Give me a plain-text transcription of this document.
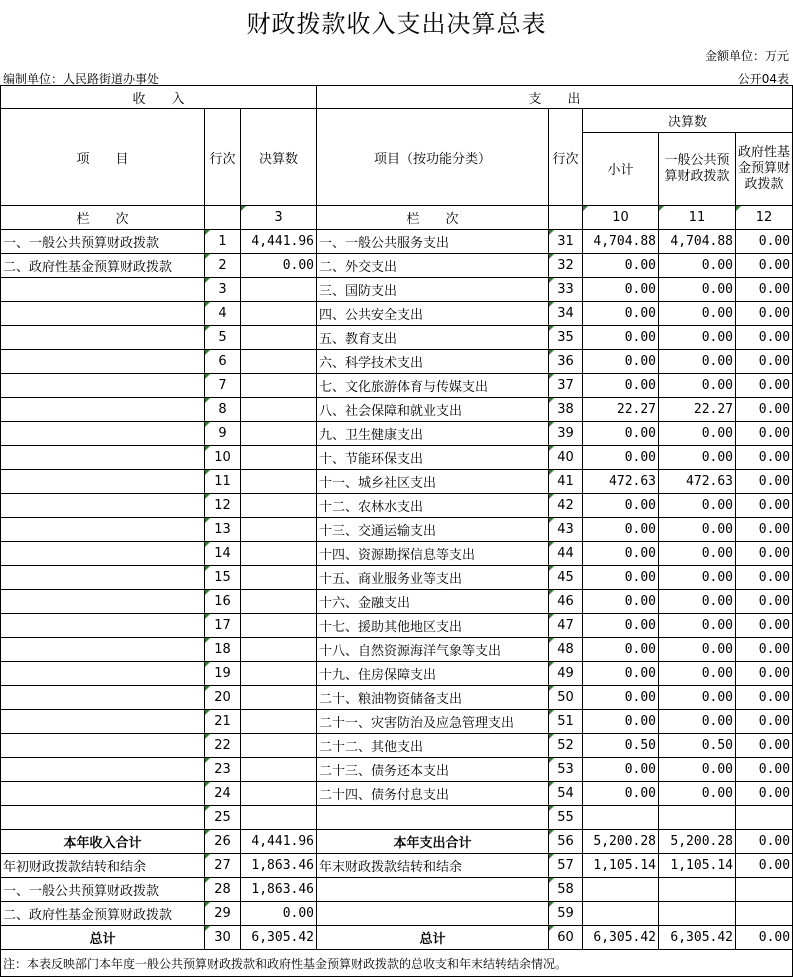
财政拨款收入支出决算总表
金额单位：万元
编制单位：人民路街道办事处	公开04表
收　　入			支　　出				
项　　目	行次	决算数	项目（按功能分类）	行次	决算数		
					小计	一般公共预算财政拨款	政府性基金预算财政拨款
栏　　次		3	栏　　次		10	11	12
一、一般公共预算财政拨款	1	4,441.96	一、一般公共服务支出	31	4,704.88	4,704.88	0.00
二、政府性基金预算财政拨款	2	0.00	二、外交支出	32	0.00	0.00	0.00
	3		三、国防支出	33	0.00	0.00	0.00
	4		四、公共安全支出	34	0.00	0.00	0.00
	5		五、教育支出	35	0.00	0.00	0.00
	6		六、科学技术支出	36	0.00	0.00	0.00
	7		七、文化旅游体育与传媒支出	37	0.00	0.00	0.00
	8		八、社会保障和就业支出	38	22.27	22.27	0.00
	9		九、卫生健康支出	39	0.00	0.00	0.00
	10		十、节能环保支出	40	0.00	0.00	0.00
	11		十一、城乡社区支出	41	472.63	472.63	0.00
	12		十二、农林水支出	42	0.00	0.00	0.00
	13		十三、交通运输支出	43	0.00	0.00	0.00
	14		十四、资源勘探信息等支出	44	0.00	0.00	0.00
	15		十五、商业服务业等支出	45	0.00	0.00	0.00
	16		十六、金融支出	46	0.00	0.00	0.00
	17		十七、援助其他地区支出	47	0.00	0.00	0.00
	18		十八、自然资源海洋气象等支出	48	0.00	0.00	0.00
	19		十九、住房保障支出	49	0.00	0.00	0.00
	20		二十、粮油物资储备支出	50	0.00	0.00	0.00
	21		二十一、灾害防治及应急管理支出	51	0.00	0.00	0.00
	22		二十二、其他支出	52	0.50	0.50	0.00
	23		二十三、债务还本支出	53	0.00	0.00	0.00
	24		二十四、债务付息支出	54	0.00	0.00	0.00
	25			55			
本年收入合计	26	4,441.96	本年支出合计	56	5,200.28	5,200.28	0.00
年初财政拨款结转和结余	27	1,863.46	年末财政拨款结转和结余	57	1,105.14	1,105.14	0.00
一、一般公共预算财政拨款	28	1,863.46		58			
二、政府性基金预算财政拨款	29	0.00		59			
总计	30	6,305.42	总计	60	6,305.42	6,305.42	0.00
注：本表反映部门本年度一般公共预算财政拨款和政府性基金预算财政拨款的总收支和年末结转结余情况。							
